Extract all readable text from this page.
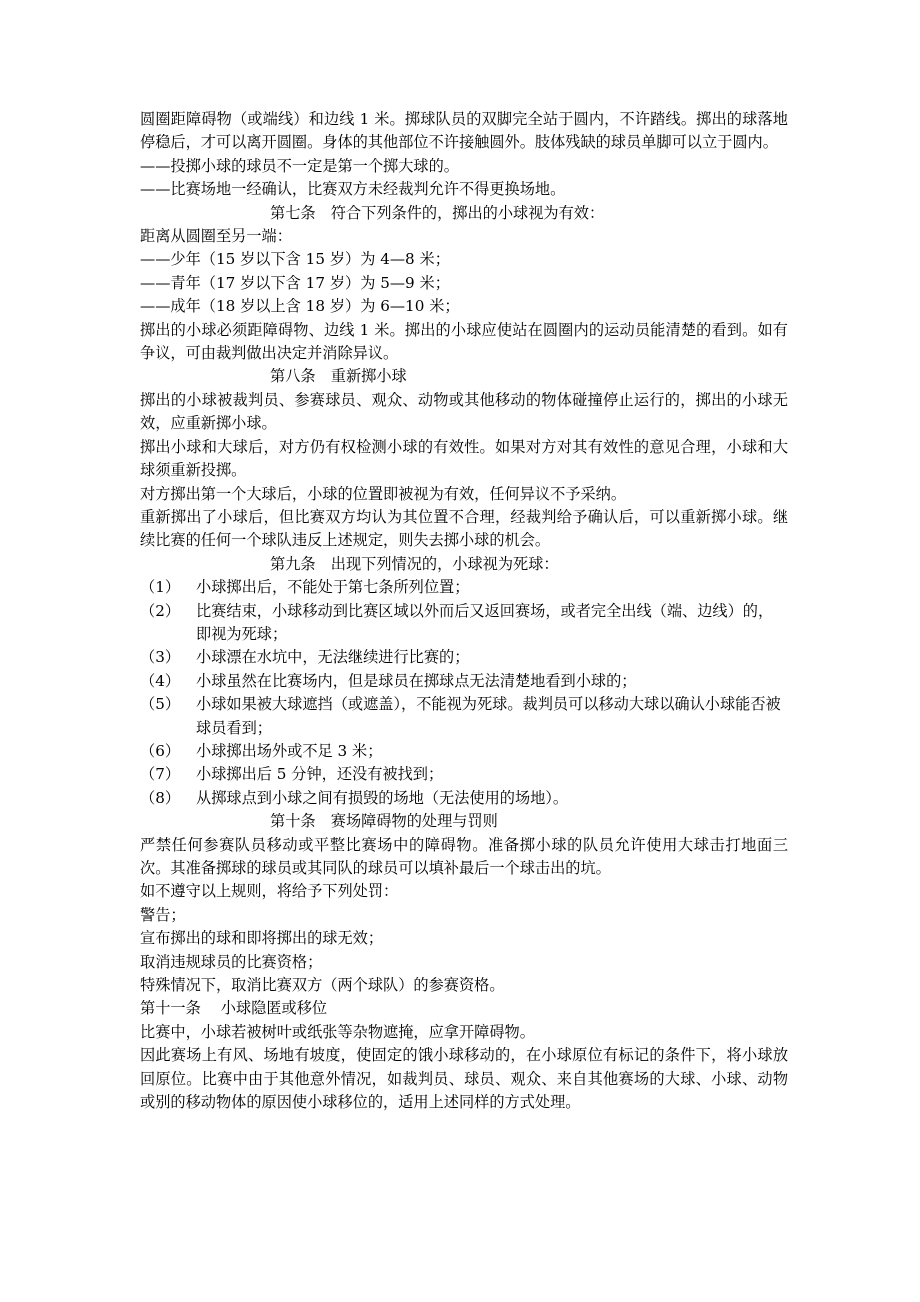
圆圈距障碍物（或端线）和边线 1 米。掷球队员的双脚完全站于圆内，不许踏线。掷出的球落地停稳后，才可以离开圆圈。身体的其他部位不许接触圆外。肢体残缺的球员单脚可以立于圆内。

——投掷小球的球员不一定是第一个掷大球的。

——比赛场地一经确认，比赛双方未经裁判允许不得更换场地。

第七条　符合下列条件的，掷出的小球视为有效：

距离从圆圈至另一端：

——少年（15 岁以下含 15 岁）为 4—8 米；

——青年（17 岁以下含 17 岁）为 5—9 米；

——成年（18 岁以上含 18 岁）为 6—10 米；

掷出的小球必须距障碍物、边线 1 米。掷出的小球应使站在圆圈内的运动员能清楚的看到。如有争议，可由裁判做出决定并消除异议。

第八条　重新掷小球

掷出的小球被裁判员、参赛球员、观众、动物或其他移动的物体碰撞停止运行的，掷出的小球无效，应重新掷小球。

掷出小球和大球后，对方仍有权检测小球的有效性。如果对方对其有效性的意见合理，小球和大球须重新投掷。

对方掷出第一个大球后，小球的位置即被视为有效，任何异议不予采纳。

重新掷出了小球后，但比赛双方均认为其位置不合理，经裁判给予确认后，可以重新掷小球。继续比赛的任何一个球队违反上述规定，则失去掷小球的机会。

第九条　出现下列情况的，小球视为死球：

（1）	小球掷出后，不能处于第七条所列位置；
（2）	比赛结束，小球移动到比赛区域以外而后又返回赛场，或者完全出线（端、边线）的，即视为死球；
（3）	小球漂在水坑中，无法继续进行比赛的；
（4）	小球虽然在比赛场内，但是球员在掷球点无法清楚地看到小球的；
（5）	小球如果被大球遮挡（或遮盖），不能视为死球。裁判员可以移动大球以确认小球能否被球员看到；
（6）	小球掷出场外或不足 3 米；
（7）	小球掷出后 5 分钟，还没有被找到；
（8）	从掷球点到小球之间有损毁的场地（无法使用的场地）。

第十条　赛场障碍物的处理与罚则

严禁任何参赛队员移动或平整比赛场中的障碍物。准备掷小球的队员允许使用大球击打地面三次。其准备掷球的球员或其同队的球员可以填补最后一个球击出的坑。

如不遵守以上规则，将给予下列处罚：

警告；

宣布掷出的球和即将掷出的球无效；

取消违规球员的比赛资格；

特殊情况下，取消比赛双方（两个球队）的参赛资格。

第十一条　 小球隐匿或移位

比赛中，小球若被树叶或纸张等杂物遮掩，应拿开障碍物。

因此赛场上有风、场地有坡度，使固定的饿小球移动的，在小球原位有标记的条件下，将小球放回原位。比赛中由于其他意外情况，如裁判员、球员、观众、来自其他赛场的大球、小球、动物或别的移动物体的原因使小球移位的，适用上述同样的方式处理。
